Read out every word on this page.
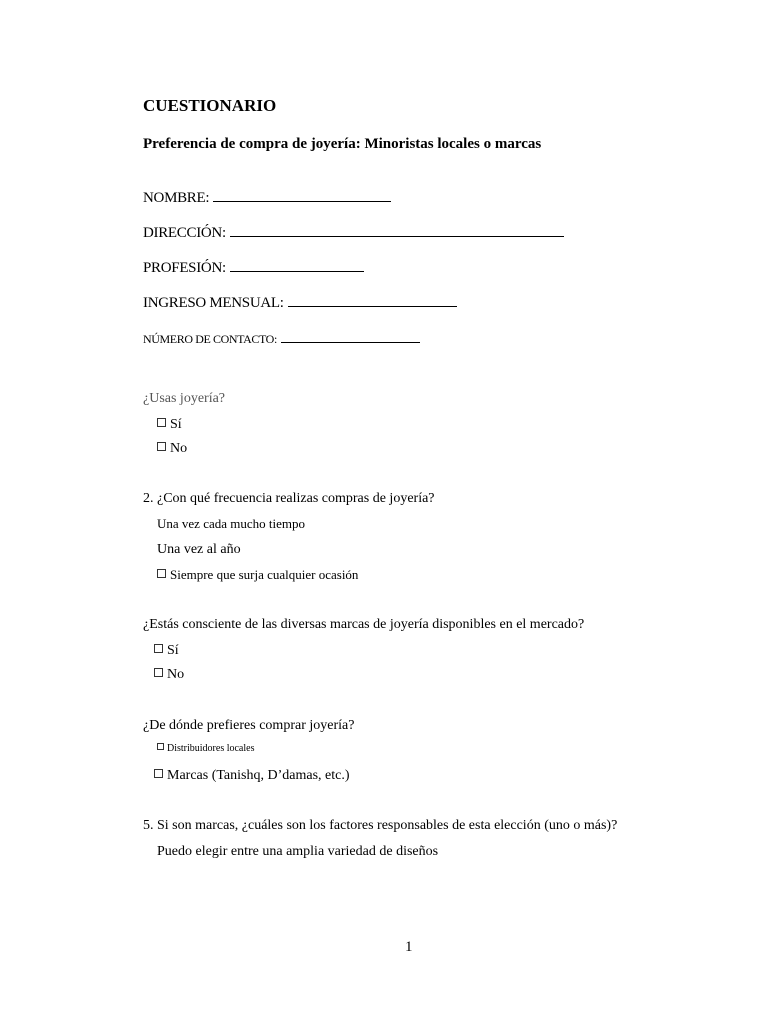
CUESTIONARIO
Preferencia de compra de joyería: Minoristas locales o marcas
NOMBRE:
DIRECCIÓN:
PROFESIÓN:
INGRESO MENSUAL:
NÚMERO DE CONTACTO:
¿Usas joyería?
Sí
No
2. ¿Con qué frecuencia realizas compras de joyería?
Una vez cada mucho tiempo
Una vez al año
Siempre que surja cualquier ocasión
¿Estás consciente de las diversas marcas de joyería disponibles en el mercado?
Sí
No
¿De dónde prefieres comprar joyería?
Distribuidores locales
Marcas (Tanishq, D’damas, etc.)
5. Si son marcas, ¿cuáles son los factores responsables de esta elección (uno o más)?
Puedo elegir entre una amplia variedad de diseños
1
